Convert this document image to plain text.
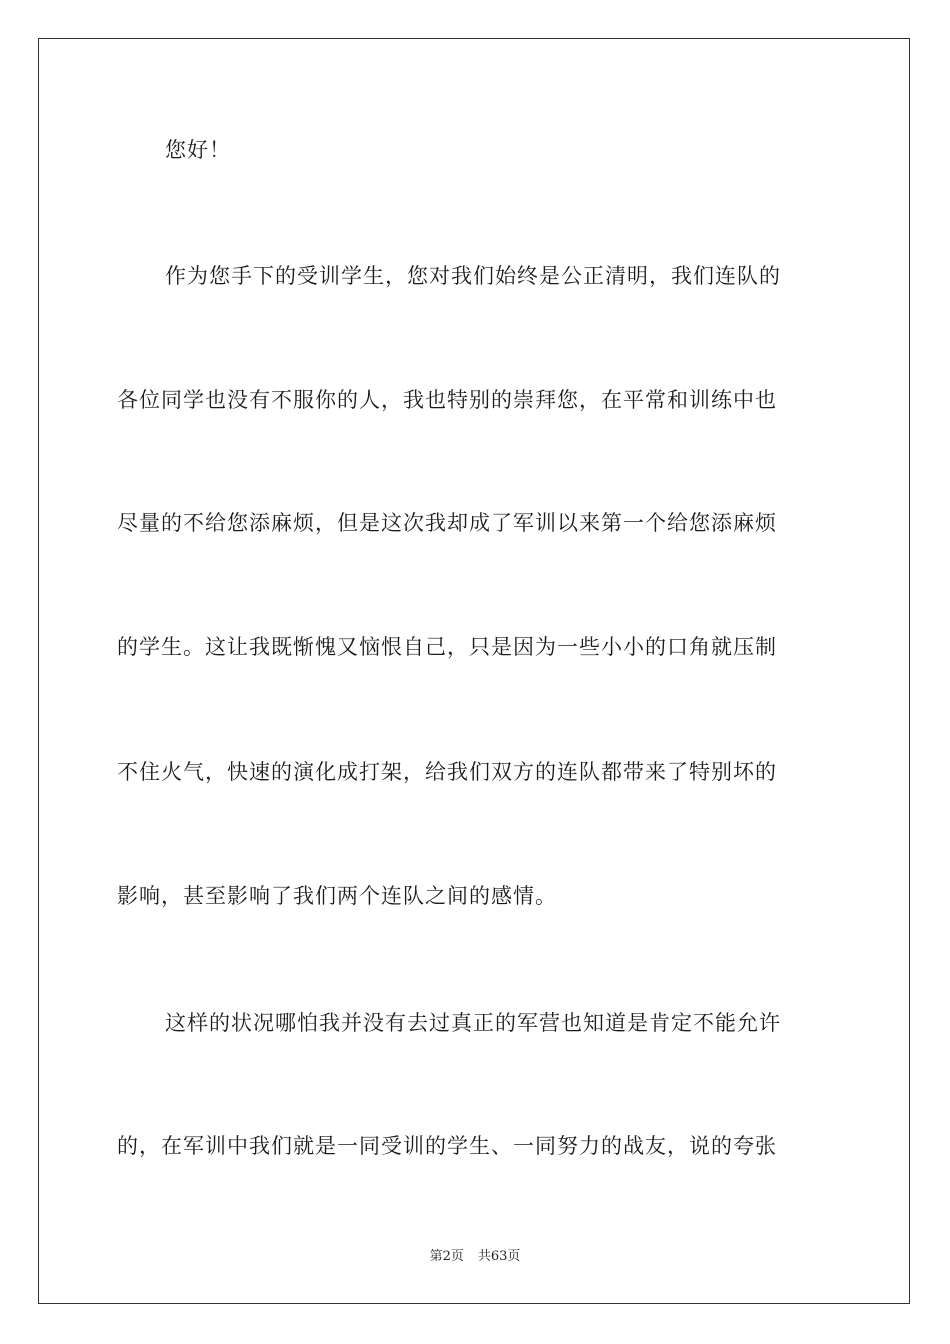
您好！
作为您手下的受训学生，您对我们始终是公正清明，我们连队的
各位同学也没有不服你的人，我也特别的崇拜您，在平常和训练中也
尽量的不给您添麻烦，但是这次我却成了军训以来第一个给您添麻烦
的学生。这让我既惭愧又恼恨自己，只是因为一些小小的口角就压制
不住火气，快速的演化成打架，给我们双方的连队都带来了特别坏的
影响，甚至影响了我们两个连队之间的感情。
这样的状况哪怕我并没有去过真正的军营也知道是肯定不能允许
的，在军训中我们就是一同受训的学生、一同努力的战友，说的夸张
第2页 共63页
